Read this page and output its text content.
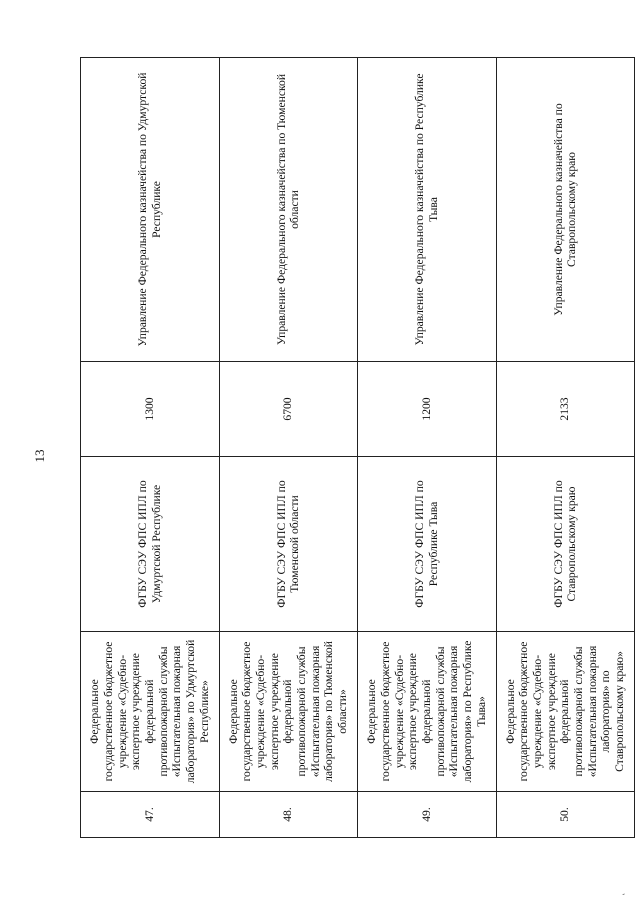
13
47.	Федеральное государственное бюджетное учреждение «Судебно-экспертное учреждение федеральной противопожарной службы «Испытательная пожарная лаборатория» по Удмуртской Республике»	ФГБУ СЭУ ФПС ИПЛ по Удмуртской Республике	1300	Управление Федерального казначейства по Удмуртской Республике
48.	Федеральное государственное бюджетное учреждение «Судебно-экспертное учреждение федеральной противопожарной службы «Испытательная пожарная лаборатория» по Тюменской области»	ФГБУ СЭУ ФПС ИПЛ по Тюменской области	6700	Управление Федерального казначейства по Тюменской области
49.	Федеральное государственное бюджетное учреждение «Судебно-экспертное учреждение федеральной противопожарной службы «Испытательная пожарная лаборатория» по Республике Тыва»	ФГБУ СЭУ ФПС ИПЛ по Республике Тыва	1200	Управление Федерального казначейства по Республике Тыва
50.	Федеральное государственное бюджетное учреждение «Судебно-экспертное учреждение федеральной противопожарной службы «Испытательная пожарная лаборатория» по Ставропольскому краю»	ФГБУ СЭУ ФПС ИПЛ по Ставропольскому краю	2133	Управление Федерального казначейства по Ставропольскому краю
ˎ
